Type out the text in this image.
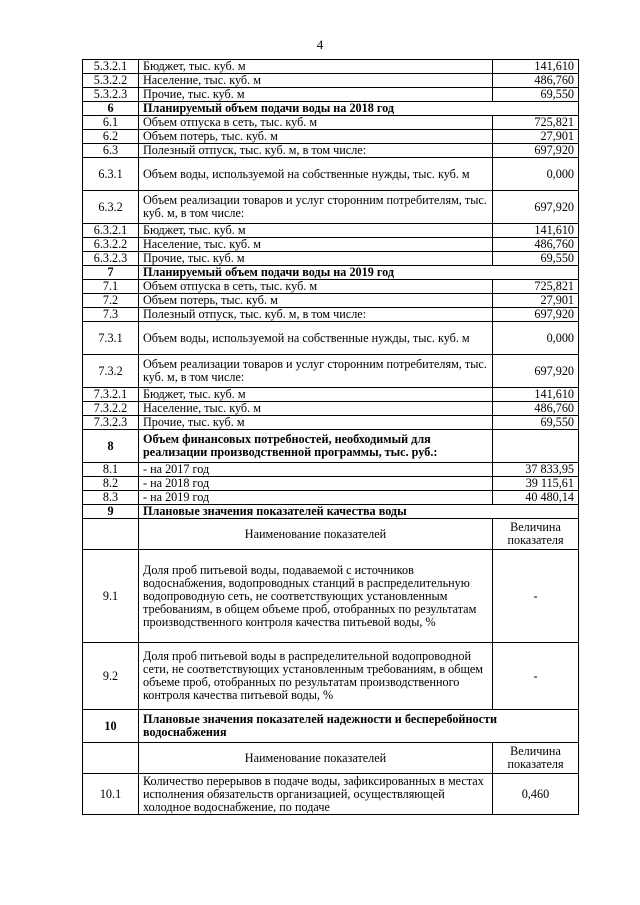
4
5.3.2.1	Бюджет, тыс. куб. м	141,610
5.3.2.2	Население, тыс. куб. м	486,760
5.3.2.3	Прочие, тыс. куб. м	69,550
6	Планируемый объем подачи воды на 2018 год	
6.1	Объем отпуска в сеть, тыс. куб. м	725,821
6.2	Объем потерь, тыс. куб. м	27,901
6.3	Полезный отпуск, тыс. куб. м, в том числе:	697,920
6.3.1	Объем воды, используемой на собственные нужды, тыс. куб. м	0,000
6.3.2	Объем реализации товаров и услуг сторонним потребителям, тыс. куб. м, в том числе:	697,920
6.3.2.1	Бюджет, тыс. куб. м	141,610
6.3.2.2	Население, тыс. куб. м	486,760
6.3.2.3	Прочие, тыс. куб. м	69,550
7	Планируемый объем подачи воды на 2019 год	
7.1	Объем отпуска в сеть, тыс. куб. м	725,821
7.2	Объем потерь, тыс. куб. м	27,901
7.3	Полезный отпуск, тыс. куб. м, в том числе:	697,920
7.3.1	Объем воды, используемой на собственные нужды, тыс. куб. м	0,000
7.3.2	Объем реализации товаров и услуг сторонним потребителям, тыс. куб. м, в том числе:	697,920
7.3.2.1	Бюджет, тыс. куб. м	141,610
7.3.2.2	Население, тыс. куб. м	486,760
7.3.2.3	Прочие, тыс. куб. м	69,550
8	Объем финансовых потребностей, необходимый для реализации производственной программы, тыс. руб.:	
8.1	- на 2017 год	37 833,95
8.2	- на 2018 год	39 115,61
8.3	- на 2019 год	40 480,14
9	Плановые значения показателей качества воды	
	Наименование показателей	Величина показателя
9.1	Доля проб питьевой воды, подаваемой с источников водоснабжения, водопроводных станций в распределительную водопроводную сеть, не соответствующих установленным требованиям, в общем объеме проб, отобранных по результатам производственного контроля качества питьевой воды, %	-
9.2	Доля проб питьевой воды в распределительной водопроводной сети, не соответствующих установленным требованиям, в общем объеме проб, отобранных по результатам производственного контроля качества питьевой воды, %	-
10	Плановые значения показателей надежности и бесперебойности водоснабжения	
	Наименование показателей	Величина показателя
10.1	Количество перерывов в подаче воды, зафиксированных в местах исполнения обязательств организацией, осуществляющей холодное водоснабжение, по подаче	0,460
